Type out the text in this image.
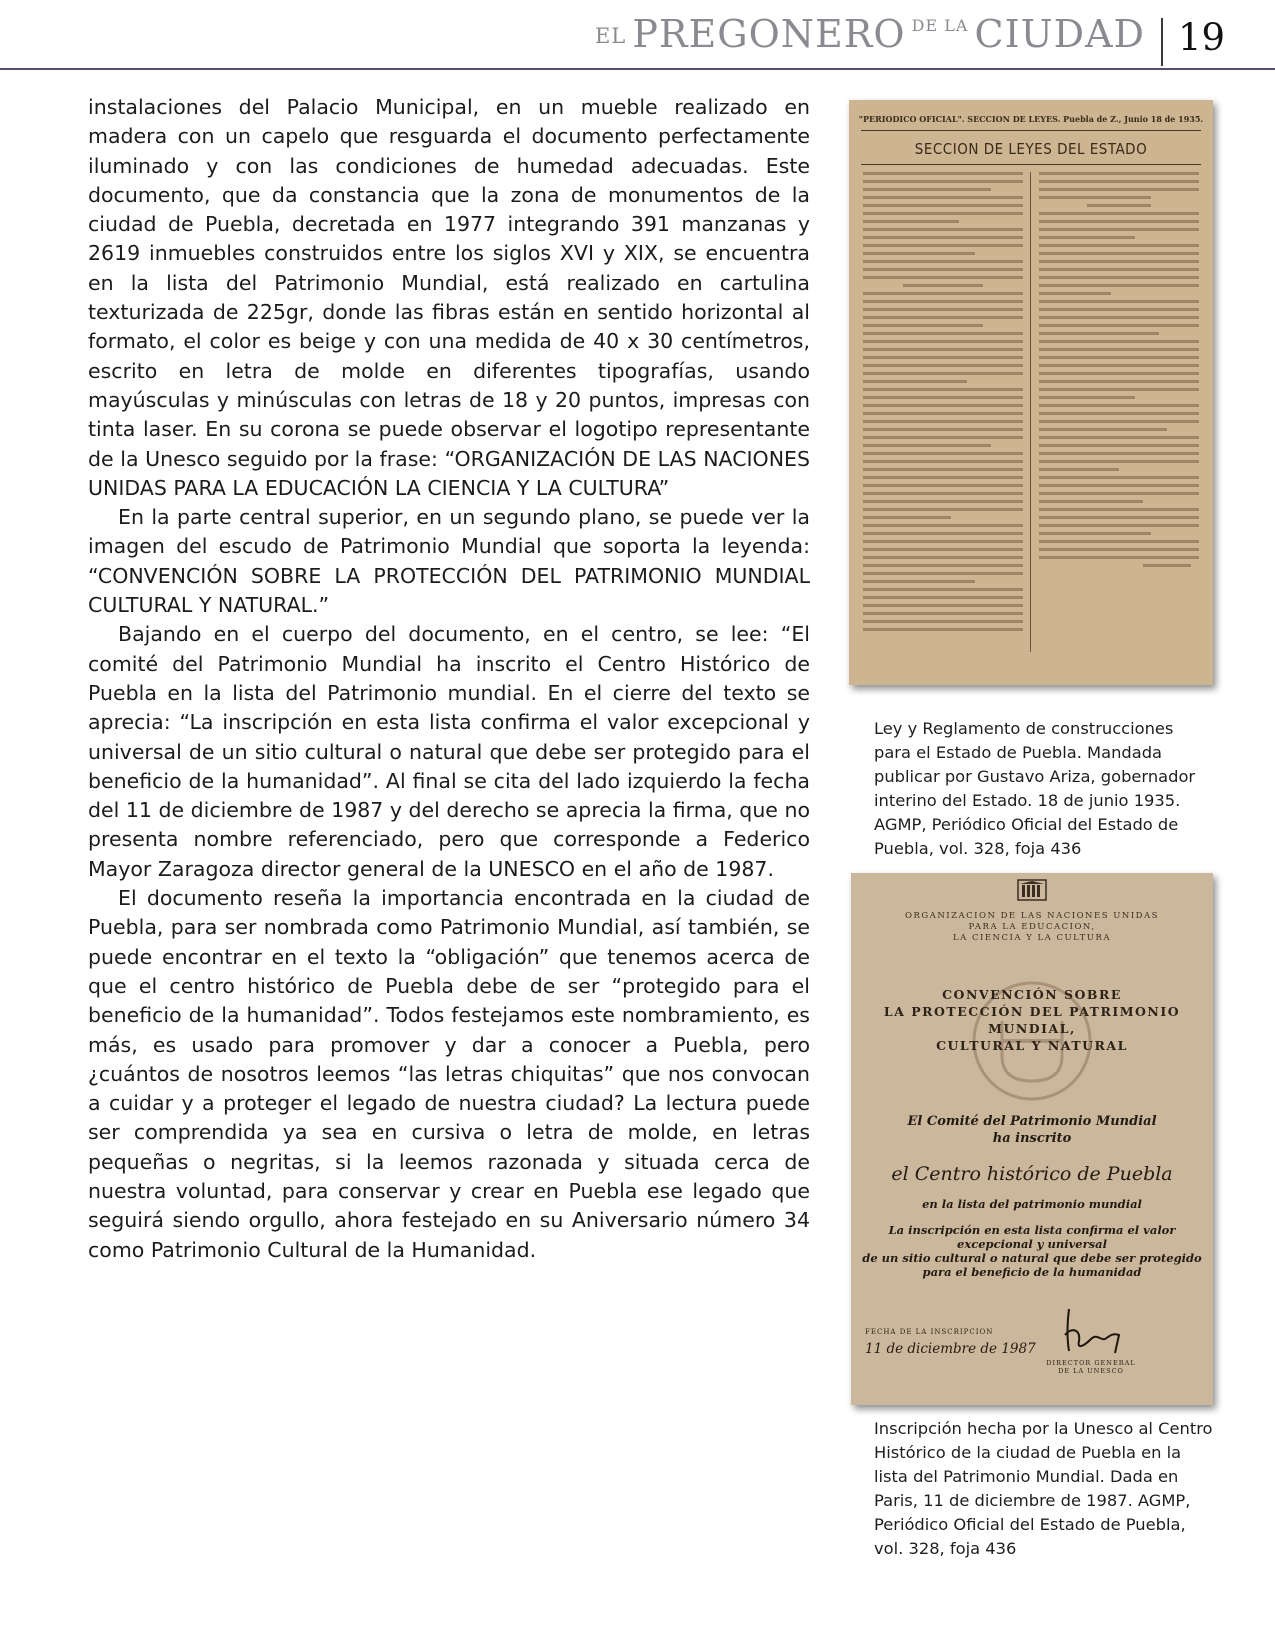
EL PREGONERO DE LA CIUDAD 19

instalaciones del Palacio Municipal, en un mueble realizado en madera con un capelo que resguarda el documento perfectamente iluminado y con las condiciones de humedad adecuadas. Este documento, que da constancia que la zona de monumentos de la ciudad de Puebla, decretada en 1977 integrando 391 manzanas y 2619 inmuebles construidos entre los siglos XVI y XIX, se encuentra en la lista del Patrimonio Mundial, está realizado en cartulina texturizada de 225gr, donde las fibras están en sentido horizontal al formato, el color es beige y con una medida de 40 x 30 centímetros, escrito en letra de molde en diferentes tipografías, usando mayúsculas y minúsculas con letras de 18 y 20 puntos, impresas con tinta laser. En su corona se puede observar el logotipo representante de la Unesco seguido por la frase: “ORGANIZACIÓN DE LAS NACIONES UNIDAS PARA LA EDUCACIÓN LA CIENCIA Y LA CULTURA”

En la parte central superior, en un segundo plano, se puede ver la imagen del escudo de Patrimonio Mundial que soporta la leyenda: “CONVENCIÓN SOBRE LA PROTECCIÓN DEL PATRIMONIO MUNDIAL CULTURAL Y NATURAL.”

Bajando en el cuerpo del documento, en el centro, se lee: “El comité del Patrimonio Mundial ha inscrito el Centro Histórico de Puebla en la lista del Patrimonio mundial. En el cierre del texto se aprecia: “La inscripción en esta lista confirma el valor excepcional y universal de un sitio cultural o natural que debe ser protegido para el beneficio de la humanidad”. Al final se cita del lado izquierdo la fecha del 11 de diciembre de 1987 y del derecho se aprecia la firma, que no presenta nombre referenciado, pero que corresponde a Federico Mayor Zaragoza director general de la UNESCO en el año de 1987.

El documento reseña la importancia encontrada en la ciudad de Puebla, para ser nombrada como Patrimonio Mundial, así también, se puede encontrar en el texto la “obligación” que tenemos acerca de que el centro histórico de Puebla debe de ser “protegido para el beneficio de la humanidad”. Todos festejamos este nombramiento, es más, es usado para promover y dar a conocer a Puebla, pero ¿cuántos de nosotros leemos “las letras chiquitas” que nos convocan a cuidar y a proteger el legado de nuestra ciudad? La lectura puede ser comprendida ya sea en cursiva o letra de molde, en letras pequeñas o negritas, si la leemos razonada y situada cerca de nuestra voluntad, para conservar y crear en Puebla ese legado que seguirá siendo orgullo, ahora festejado en su Aniversario número 34 como Patrimonio Cultural de la Humanidad.

"PERIODICO OFICIAL". SECCION DE LEYES. Puebla de Z., Junio 18 de 1935.
SECCION DE LEYES DEL ESTADO
Ley y Reglamento de construcciones para el Estado de Puebla. Mandada publicar por Gustavo Ariza, gobernador interino del Estado. 18 de junio 1935. AGMP, Periódico Oficial del Estado de Puebla, vol. 328, foja 436
ORGANIZACION DE LAS NACIONES UNIDAS
PARA LA EDUCACION,
LA CIENCIA Y LA CULTURA
CONVENCIÓN SOBRE
LA PROTECCIÓN DEL PATRIMONIO
MUNDIAL,
CULTURAL Y NATURAL
El Comité del Patrimonio Mundial
ha inscrito
el Centro histórico de Puebla
en la lista del patrimonio mundial
La inscripción en esta lista confirma el valor
excepcional y universal
de un sitio cultural o natural que debe ser protegido
para el beneficio de la humanidad
FECHA DE LA INSCRIPCION
11 de diciembre de 1987
DIRECTOR GENERAL
DE LA UNESCO
Inscripción hecha por la Unesco al Centro Histórico de la ciudad de Puebla en la lista del Patrimonio Mundial. Dada en Paris, 11 de diciembre de 1987. AGMP, Periódico Oficial del Estado de Puebla, vol. 328, foja 436
